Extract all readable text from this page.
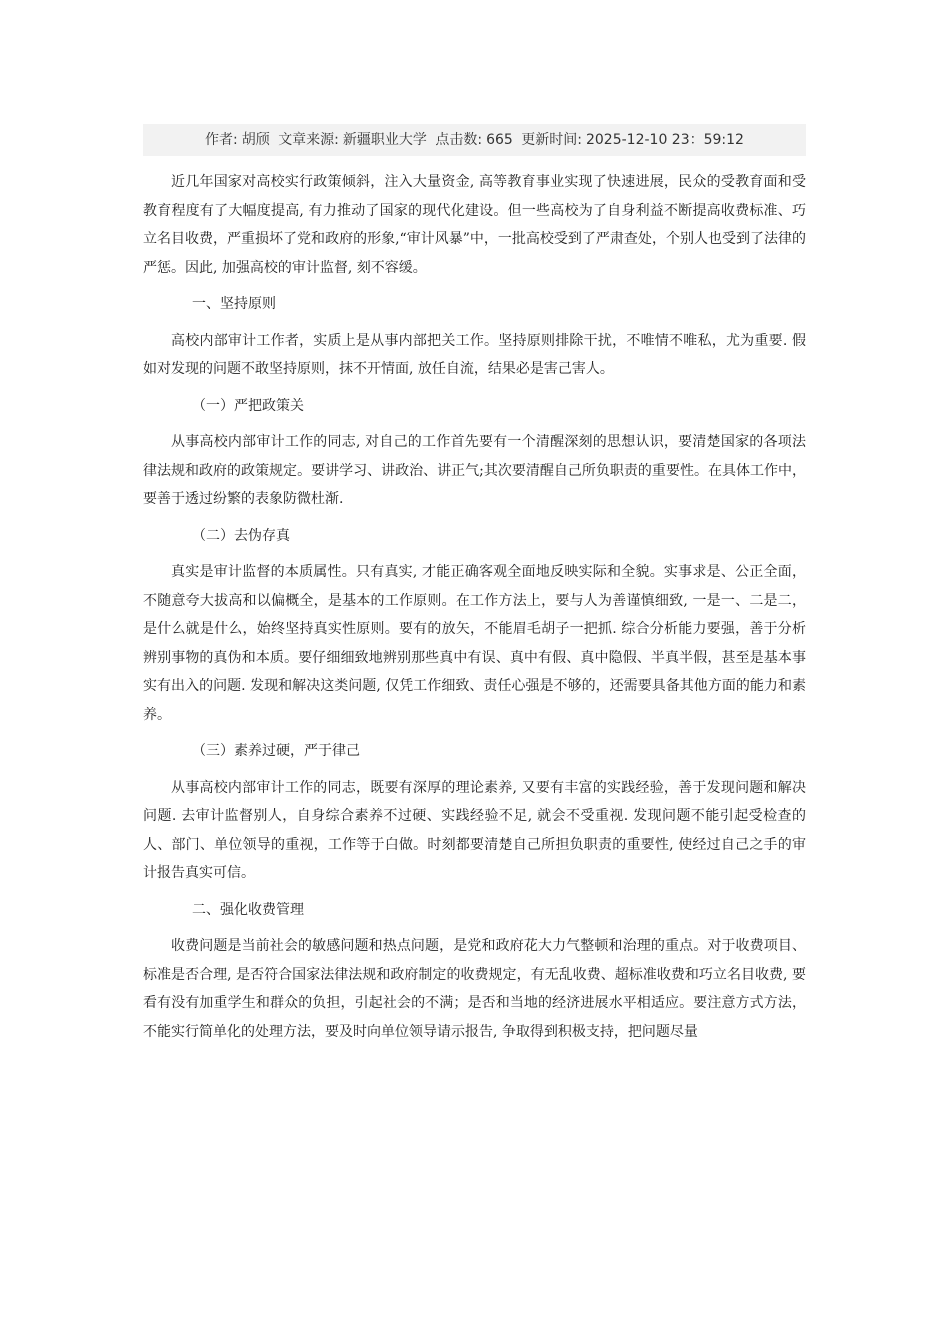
作者: 胡颀 文章来源: 新疆职业大学 点击数: 665 更新时间: 2025-12-10 23：59:12

近几年国家对高校实行政策倾斜，注入大量资金, 高等教育事业实现了快速进展，民众的受教育面和受教育程度有了大幅度提高, 有力推动了国家的现代化建设。但一些高校为了自身利益不断提高收费标准、巧立名目收费，严重损坏了党和政府的形象,“审计风暴”中，一批高校受到了严肃查处，个别人也受到了法律的严惩。因此, 加强高校的审计监督, 刻不容缓。

一、坚持原则

高校内部审计工作者，实质上是从事内部把关工作。坚持原则排除干扰，不唯情不唯私，尤为重要. 假如对发现的问题不敢坚持原则，抹不开情面, 放任自流，结果必是害己害人。

（一）严把政策关

从事高校内部审计工作的同志, 对自己的工作首先要有一个清醒深刻的思想认识，要清楚国家的各项法律法规和政府的政策规定。要讲学习、讲政治、讲正气;其次要清醒自己所负职责的重要性。在具体工作中，要善于透过纷繁的表象防微杜渐.

（二）去伪存真

真实是审计监督的本质属性。只有真实, 才能正确客观全面地反映实际和全貌。实事求是、公正全面，不随意夸大拔高和以偏概全，是基本的工作原则。在工作方法上，要与人为善谨慎细致, 一是一、二是二，是什么就是什么，始终坚持真实性原则。要有的放矢，不能眉毛胡子一把抓. 综合分析能力要强，善于分析辨别事物的真伪和本质。要仔细细致地辨别那些真中有误、真中有假、真中隐假、半真半假，甚至是基本事实有出入的问题. 发现和解决这类问题, 仅凭工作细致、责任心强是不够的，还需要具备其他方面的能力和素养。

（三）素养过硬，严于律己

从事高校内部审计工作的同志，既要有深厚的理论素养, 又要有丰富的实践经验，善于发现问题和解决问题. 去审计监督别人，自身综合素养不过硬、实践经验不足, 就会不受重视. 发现问题不能引起受检查的人、部门、单位领导的重视，工作等于白做。时刻都要清楚自己所担负职责的重要性, 使经过自己之手的审计报告真实可信。

二、强化收费管理

收费问题是当前社会的敏感问题和热点问题，是党和政府花大力气整顿和治理的重点。对于收费项目、标准是否合理, 是否符合国家法律法规和政府制定的收费规定，有无乱收费、超标准收费和巧立名目收费, 要看有没有加重学生和群众的负担，引起社会的不满；是否和当地的经济进展水平相适应。要注意方式方法，不能实行简单化的处理方法，要及时向单位领导请示报告, 争取得到积极支持，把问题尽量
